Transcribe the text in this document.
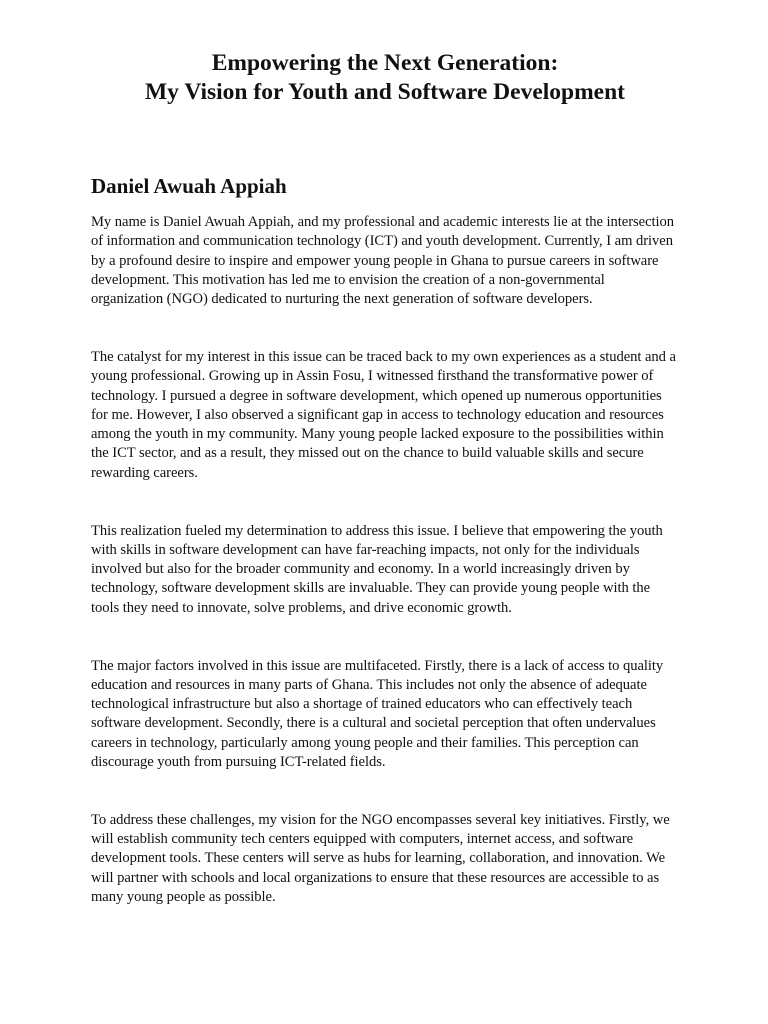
Empowering the Next Generation:
My Vision for Youth and Software Development
Daniel Awuah Appiah

My name is Daniel Awuah Appiah, and my professional and academic interests lie at the intersection of information and communication technology (ICT) and youth development. Currently, I am driven by a profound desire to inspire and empower young people in Ghana to pursue careers in software development. This motivation has led me to envision the creation of a non-governmental organization (NGO) dedicated to nurturing the next generation of software developers.

The catalyst for my interest in this issue can be traced back to my own experiences as a student and a young professional. Growing up in Assin Fosu, I witnessed firsthand the transformative power of technology. I pursued a degree in software development, which opened up numerous opportunities for me. However, I also observed a significant gap in access to technology education and resources among the youth in my community. Many young people lacked exposure to the possibilities within the ICT sector, and as a result, they missed out on the chance to build valuable skills and secure rewarding careers.

This realization fueled my determination to address this issue. I believe that empowering the youth with skills in software development can have far-reaching impacts, not only for the individuals involved but also for the broader community and economy. In a world increasingly driven by technology, software development skills are invaluable. They can provide young people with the tools they need to innovate, solve problems, and drive economic growth.

The major factors involved in this issue are multifaceted. Firstly, there is a lack of access to quality education and resources in many parts of Ghana. This includes not only the absence of adequate technological infrastructure but also a shortage of trained educators who can effectively teach software development. Secondly, there is a cultural and societal perception that often undervalues careers in technology, particularly among young people and their families. This perception can discourage youth from pursuing ICT-related fields.

To address these challenges, my vision for the NGO encompasses several key initiatives. Firstly, we will establish community tech centers equipped with computers, internet access, and software development tools. These centers will serve as hubs for learning, collaboration, and innovation. We will partner with schools and local organizations to ensure that these resources are accessible to as many young people as possible.
